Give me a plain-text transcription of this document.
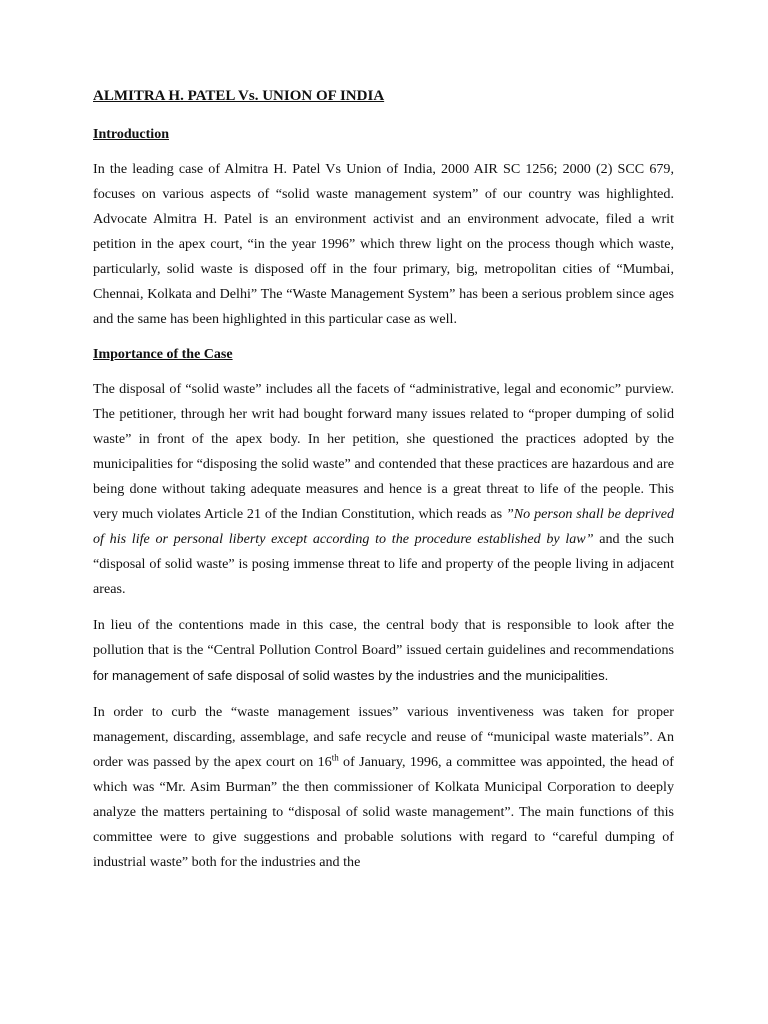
ALMITRA H. PATEL Vs. UNION OF INDIA
Introduction

In the leading case of Almitra H. Patel Vs Union of India, 2000 AIR SC 1256; 2000 (2) SCC 679, focuses on various aspects of “solid waste management system” of our country was highlighted. Advocate Almitra H. Patel is an environment activist and an environment advocate, filed a writ petition in the apex court, “in the year 1996” which threw light on the process though which waste, particularly, solid waste is disposed off in the four primary, big, metropolitan cities of “Mumbai, Chennai, Kolkata and Delhi” The “Waste Management System” has been a serious problem since ages and the same has been highlighted in this particular case as well.

Importance of the Case

The disposal of “solid waste” includes all the facets of “administrative, legal and economic” purview. The petitioner, through her writ had bought forward many issues related to “proper dumping of solid waste” in front of the apex body. In her petition, she questioned the practices adopted by the municipalities for “disposing the solid waste” and contended that these practices are hazardous and are being done without taking adequate measures and hence is a great threat to life of the people. This very much violates Article 21 of the Indian Constitution, which reads as ”No person shall be deprived of his life or personal liberty except according to the procedure established by law” and the such “disposal of solid waste” is posing immense threat to life and property of the people living in adjacent areas.

In lieu of the contentions made in this case, the central body that is responsible to look after the pollution that is the “Central Pollution Control Board” issued certain guidelines and recommendations for management of safe disposal of solid wastes by the industries and the municipalities.

In order to curb the “waste management issues” various inventiveness was taken for proper management, discarding, assemblage, and safe recycle and reuse of “municipal waste materials”. An order was passed by the apex court on 16th of January, 1996, a committee was appointed, the head of which was “Mr. Asim Burman” the then commissioner of Kolkata Municipal Corporation to deeply analyze the matters pertaining to “disposal of solid waste management”. The main functions of this committee were to give suggestions and probable solutions with regard to “careful dumping of industrial waste” both for the industries and the
